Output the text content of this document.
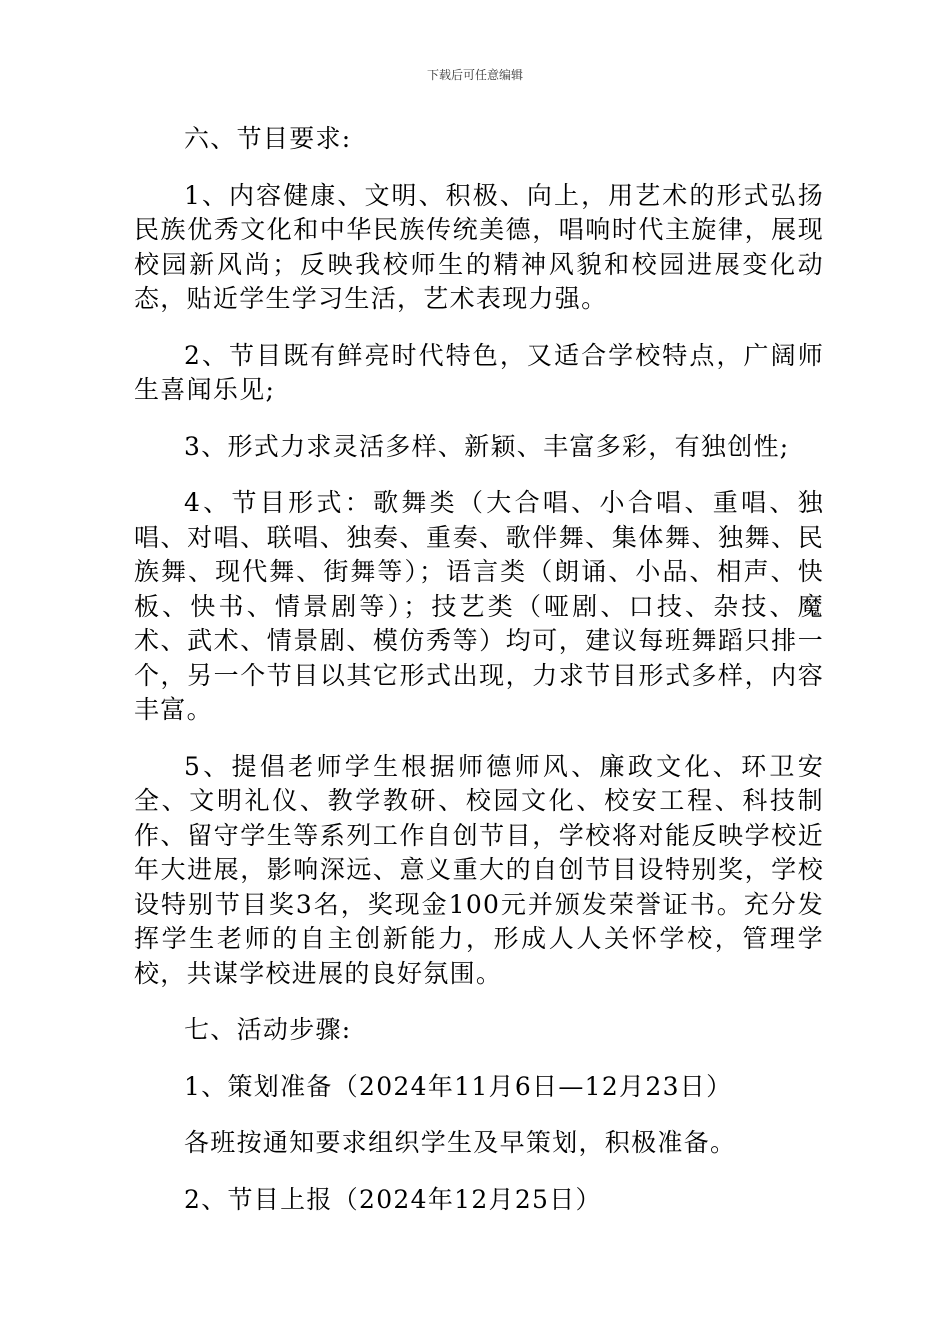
下载后可任意编辑

六、节目要求:

1、内容健康、文明、积极、向上，用艺术的形式弘扬民族优秀文化和中华民族传统美德，唱响时代主旋律，展现校园新风尚；反映我校师生的精神风貌和校园进展变化动态，贴近学生学习生活，艺术表现力强。

2、节目既有鲜亮时代特色，又适合学校特点，广阔师生喜闻乐见;

3、形式力求灵活多样、新颖、丰富多彩，有独创性;

4、节目形式：歌舞类（大合唱、小合唱、重唱、独唱、对唱、联唱、独奏、重奏、歌伴舞、集体舞、独舞、民族舞、现代舞、街舞等）；语言类（朗诵、小品、相声、快板、快书、情景剧等）；技艺类（哑剧、口技、杂技、魔术、武术、情景剧、模仿秀等）均可，建议每班舞蹈只排一个，另一个节目以其它形式出现，力求节目形式多样，内容丰富。

5、提倡老师学生根据师德师风、廉政文化、环卫安全、文明礼仪、教学教研、校园文化、校安工程、科技制作、留守学生等系列工作自创节目，学校将对能反映学校近年大进展，影响深远、意义重大的自创节目设特别奖，学校设特别节目奖3名，奖现金100元并颁发荣誉证书。充分发挥学生老师的自主创新能力，形成人人关怀学校，管理学校，共谋学校进展的良好氛围。

七、活动步骤:

1、策划准备（2024年11月6日—12月23日）

各班按通知要求组织学生及早策划，积极准备。

2、节目上报（2024年12月25日）
